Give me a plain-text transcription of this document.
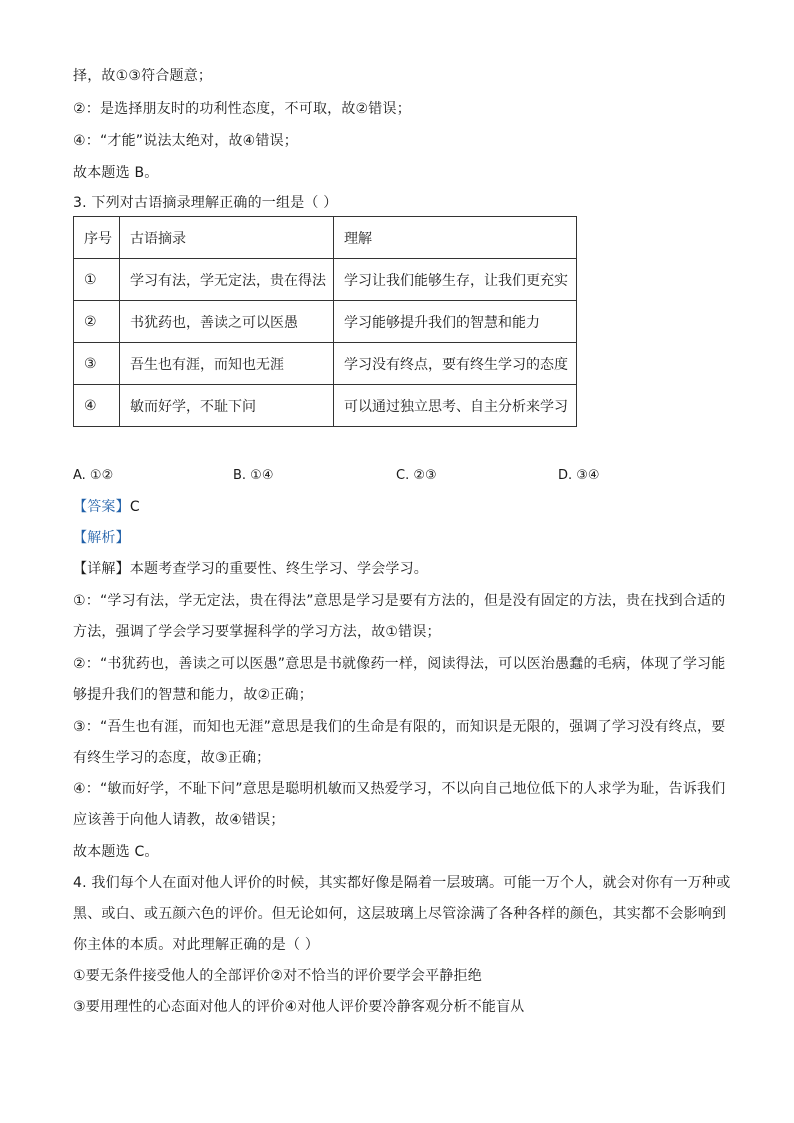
择，故①③符合题意；
②：是选择朋友时的功利性态度，不可取，故②错误；
④：“才能”说法太绝对，故④错误；
故本题选 B。
3. 下列对古语摘录理解正确的一组是（ ）
序号	古语摘录	理解
①	学习有法，学无定法，贵在得法	学习让我们能够生存，让我们更充实
②	书犹药也，善读之可以医愚	学习能够提升我们的智慧和能力
③	吾生也有涯，而知也无涯	学习没有终点，要有终生学习的态度
④	敏而好学，不耻下问	可以通过独立思考、自主分析来学习
A. ①②	B. ①④	C. ②③	D. ③④
【答案】C
【解析】
【详解】本题考查学习的重要性、终生学习、学会学习。
①：“学习有法，学无定法，贵在得法”意思是学习是要有方法的，但是没有固定的方法，贵在找到合适的
方法，强调了学会学习要掌握科学的学习方法，故①错误；
②：“书犹药也，善读之可以医愚”意思是书就像药一样，阅读得法，可以医治愚蠢的毛病，体现了学习能
够提升我们的智慧和能力，故②正确；
③：“吾生也有涯，而知也无涯”意思是我们的生命是有限的，而知识是无限的，强调了学习没有终点，要
有终生学习的态度，故③正确；
④：“敏而好学，不耻下问”意思是聪明机敏而又热爱学习，不以向自己地位低下的人求学为耻，告诉我们
应该善于向他人请教，故④错误；
故本题选 C。
4. 我们每个人在面对他人评价的时候，其实都好像是隔着一层玻璃。可能一万个人，就会对你有一万种或
黑、或白、或五颜六色的评价。但无论如何，这层玻璃上尽管涂满了各种各样的颜色，其实都不会影响到
你主体的本质。对此理解正确的是（ ）
①要无条件接受他人的全部评价②对不恰当的评价要学会平静拒绝
③要用理性的心态面对他人的评价④对他人评价要冷静客观分析不能盲从
